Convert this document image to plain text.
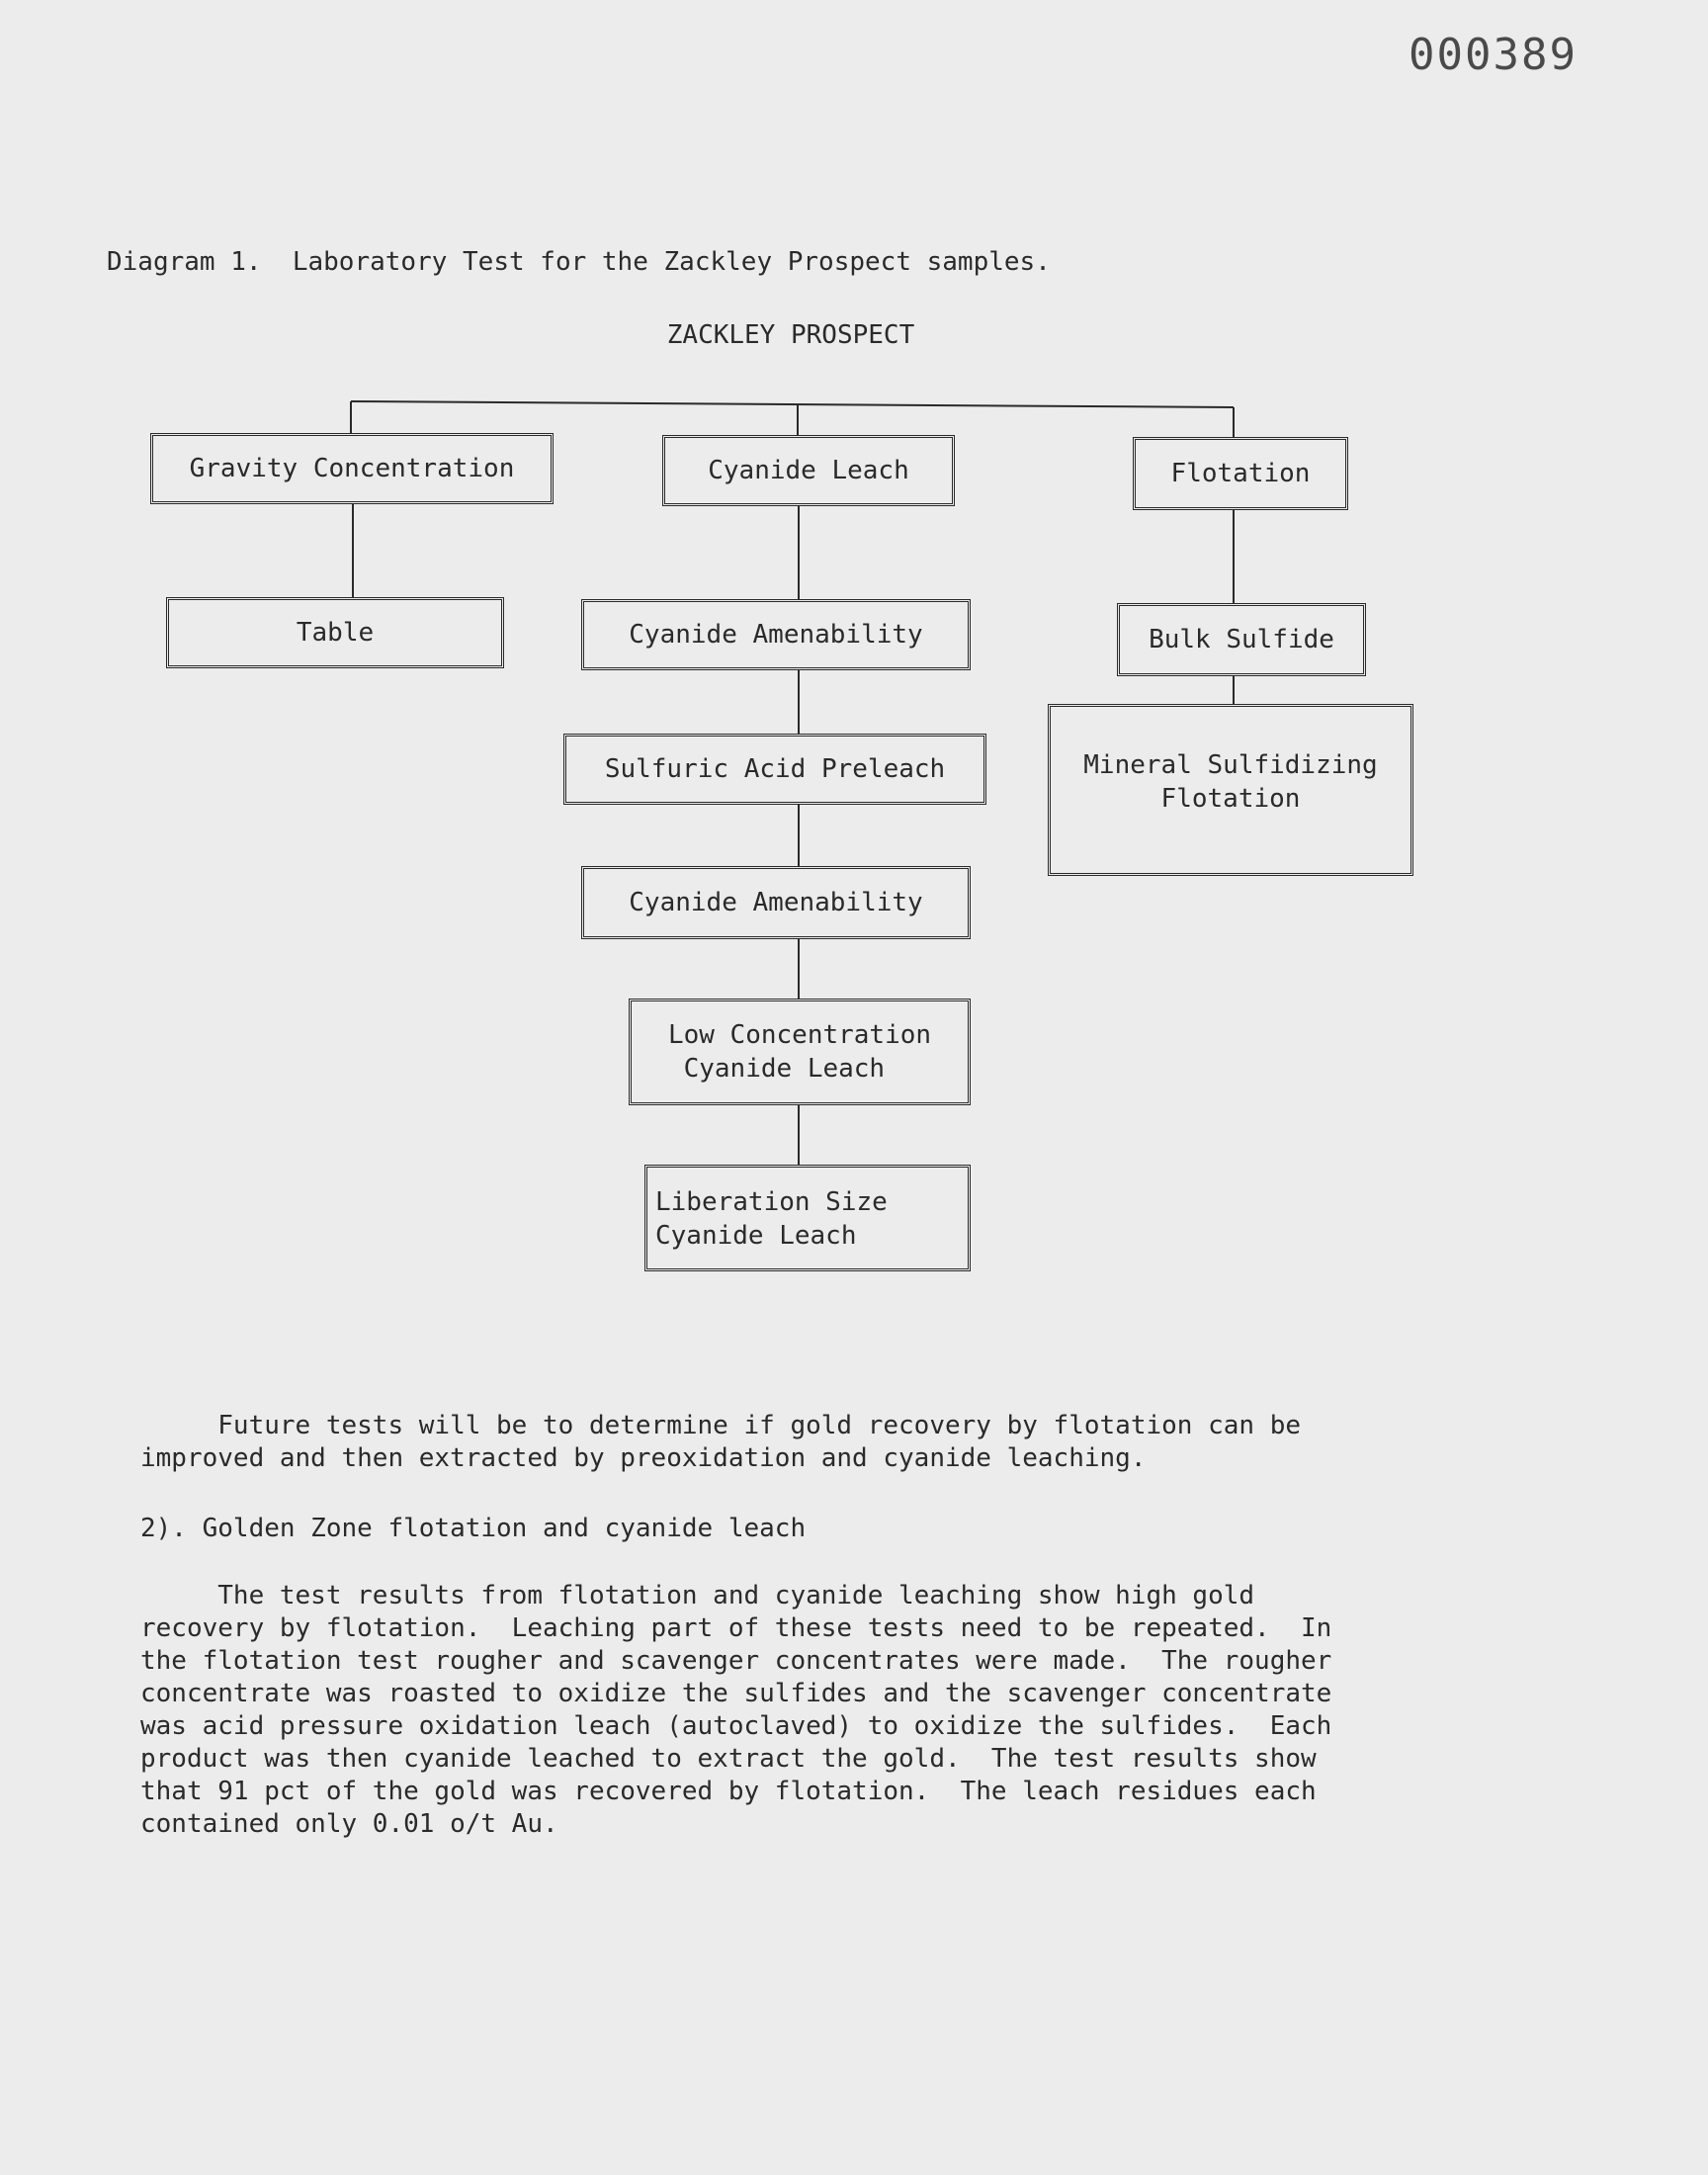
000389
Diagram 1.  Laboratory Test for the Zackley Prospect samples.
ZACKLEY PROSPECT
Gravity Concentration
Table
Cyanide Leach
Cyanide Amenability
Sulfuric Acid Preleach
Cyanide Amenability
Low Concentration
Cyanide Leach
Liberation Size
Cyanide Leach
Flotation
Bulk Sulfide
Mineral Sulfidizing
Flotation
Future tests will be to determine if gold recovery by flotation can be
improved and then extracted by preoxidation and cyanide leaching.
2). Golden Zone flotation and cyanide leach
The test results from flotation and cyanide leaching show high gold
recovery by flotation.  Leaching part of these tests need to be repeated.  In
the flotation test rougher and scavenger concentrates were made.  The rougher
concentrate was roasted to oxidize the sulfides and the scavenger concentrate
was acid pressure oxidation leach (autoclaved) to oxidize the sulfides.  Each
product was then cyanide leached to extract the gold.  The test results show
that 91 pct of the gold was recovered by flotation.  The leach residues each
contained only 0.01 o/t Au.
